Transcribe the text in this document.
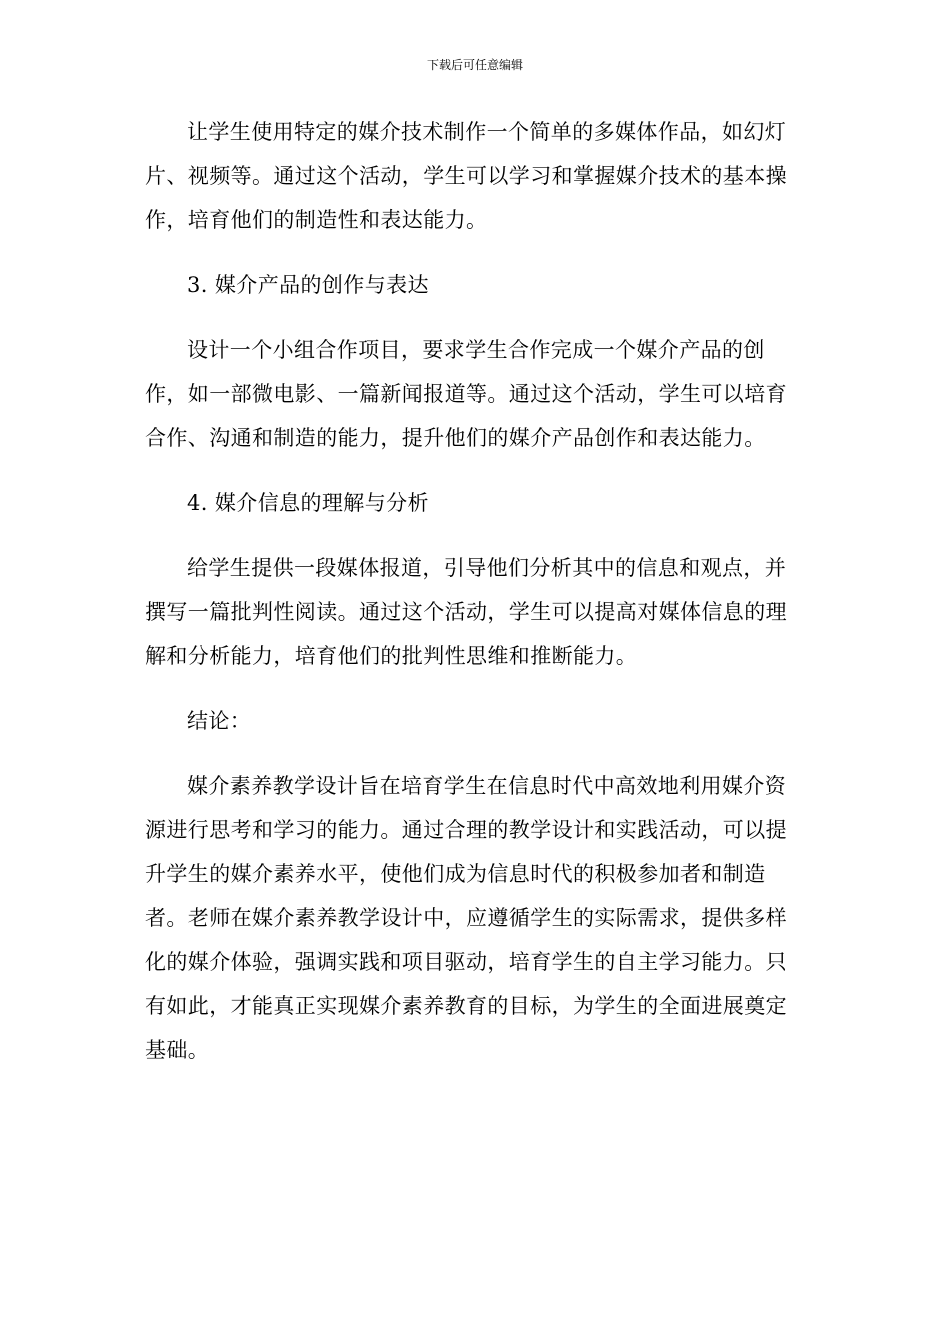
下载后可任意编辑

让学生使用特定的媒介技术制作一个简单的多媒体作品，如幻灯片、视频等。通过这个活动，学生可以学习和掌握媒介技术的基本操作，培育他们的制造性和表达能力。

3. 媒介产品的创作与表达

设计一个小组合作项目，要求学生合作完成一个媒介产品的创作，如一部微电影、一篇新闻报道等。通过这个活动，学生可以培育合作、沟通和制造的能力，提升他们的媒介产品创作和表达能力。

4. 媒介信息的理解与分析

给学生提供一段媒体报道，引导他们分析其中的信息和观点，并撰写一篇批判性阅读。通过这个活动，学生可以提高对媒体信息的理解和分析能力，培育他们的批判性思维和推断能力。

结论：

媒介素养教学设计旨在培育学生在信息时代中高效地利用媒介资源进行思考和学习的能力。通过合理的教学设计和实践活动，可以提升学生的媒介素养水平，使他们成为信息时代的积极参加者和制造者。老师在媒介素养教学设计中，应遵循学生的实际需求，提供多样化的媒介体验，强调实践和项目驱动，培育学生的自主学习能力。只有如此，才能真正实现媒介素养教育的目标，为学生的全面进展奠定基础。
